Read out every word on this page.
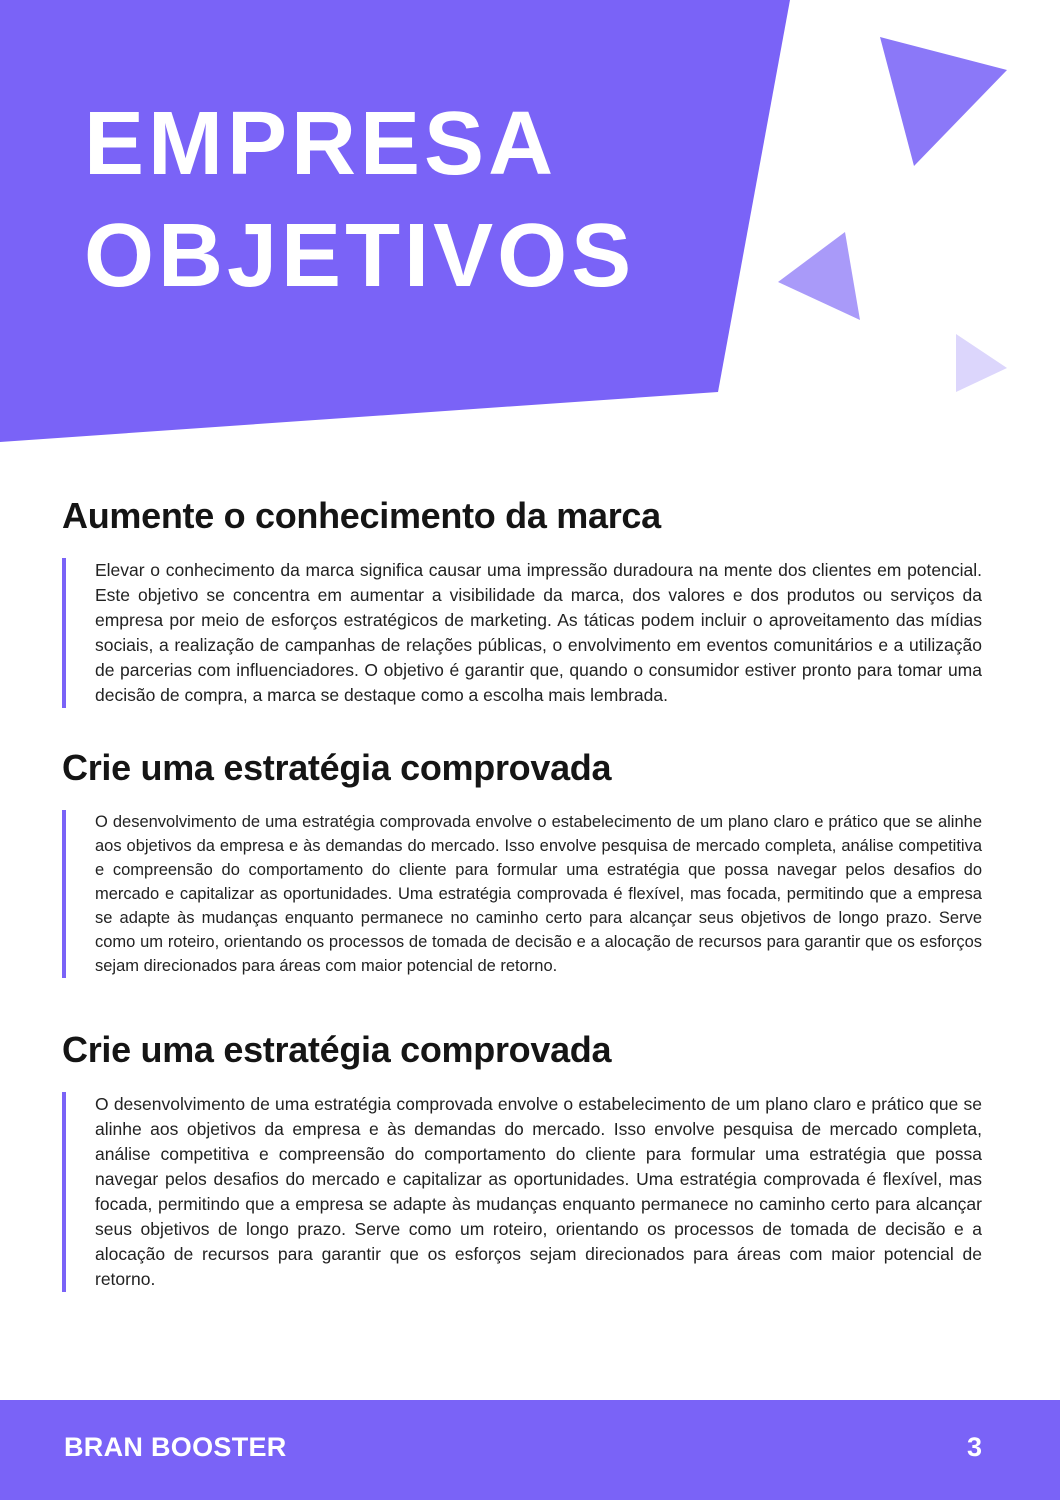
EMPRESA
OBJETIVOS
Aumente o conhecimento da marca

Elevar o conhecimento da marca significa causar uma impressão duradoura na mente dos clientes em potencial. Este objetivo se concentra em aumentar a visibilidade da marca, dos valores e dos produtos ou serviços da empresa por meio de esforços estratégicos de marketing. As táticas podem incluir o aproveitamento das mídias sociais, a realização de campanhas de relações públicas, o envolvimento em eventos comunitários e a utilização de parcerias com influenciadores. O objetivo é garantir que, quando o consumidor estiver pronto para tomar uma decisão de compra, a marca se destaque como a escolha mais lembrada.

Crie uma estratégia comprovada

O desenvolvimento de uma estratégia comprovada envolve o estabelecimento de um plano claro e prático que se alinhe aos objetivos da empresa e às demandas do mercado. Isso envolve pesquisa de mercado completa, análise competitiva e compreensão do comportamento do cliente para formular uma estratégia que possa navegar pelos desafios do mercado e capitalizar as oportunidades. Uma estratégia comprovada é flexível, mas focada, permitindo que a empresa se adapte às mudanças enquanto permanece no caminho certo para alcançar seus objetivos de longo prazo. Serve como um roteiro, orientando os processos de tomada de decisão e a alocação de recursos para garantir que os esforços sejam direcionados para áreas com maior potencial de retorno.

Crie uma estratégia comprovada

O desenvolvimento de uma estratégia comprovada envolve o estabelecimento de um plano claro e prático que se alinhe aos objetivos da empresa e às demandas do mercado. Isso envolve pesquisa de mercado completa, análise competitiva e compreensão do comportamento do cliente para formular uma estratégia que possa navegar pelos desafios do mercado e capitalizar as oportunidades. Uma estratégia comprovada é flexível, mas focada, permitindo que a empresa se adapte às mudanças enquanto permanece no caminho certo para alcançar seus objetivos de longo prazo. Serve como um roteiro, orientando os processos de tomada de decisão e a alocação de recursos para garantir que os esforços sejam direcionados para áreas com maior potencial de retorno.

BRAN BOOSTER	3
